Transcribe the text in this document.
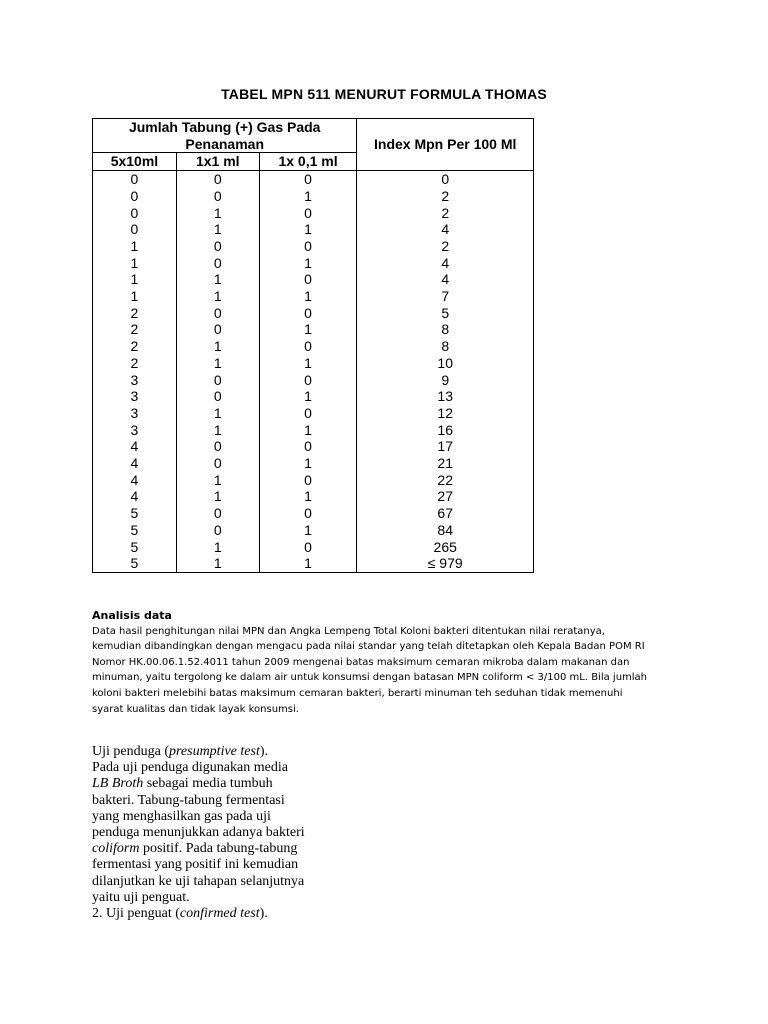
TABEL MPN 511 MENURUT FORMULA THOMAS
Jumlah Tabung (+) Gas Pada Penanaman			Index Mpn Per 100 Ml
5x10ml	1x1 ml	1x 0,1 ml	
0	0	0	0
0	0	1	2
0	1	0	2
0	1	1	4
1	0	0	2
1	0	1	4
1	1	0	4
1	1	1	7
2	0	0	5
2	0	1	8
2	1	0	8
2	1	1	10
3	0	0	9
3	0	1	13
3	1	0	12
3	1	1	16
4	0	0	17
4	0	1	21
4	1	0	22
4	1	1	27
5	0	0	67
5	0	1	84
5	1	0	265
5	1	1	≤ 979
Analisis data
Data hasil penghitungan nilai MPN dan Angka Lempeng Total Koloni bakteri ditentukan nilai reratanya,
kemudian dibandingkan dengan mengacu pada nilai standar yang telah ditetapkan oleh Kepala Badan POM RI
Nomor HK.00.06.1.52.4011 tahun 2009 mengenai batas maksimum cemaran mikroba dalam makanan dan
minuman, yaitu tergolong ke dalam air untuk konsumsi dengan batasan MPN coliform < 3/100 mL. Bila jumlah
koloni bakteri melebihi batas maksimum cemaran bakteri, berarti minuman teh seduhan tidak memenuhi
syarat kualitas dan tidak layak konsumsi.
Uji penduga (presumptive test).
Pada uji penduga digunakan media
LB Broth sebagai media tumbuh
bakteri. Tabung-tabung fermentasi
yang menghasilkan gas pada uji
penduga menunjukkan adanya bakteri
coliform positif. Pada tabung-tabung
fermentasi yang positif ini kemudian
dilanjutkan ke uji tahapan selanjutnya
yaitu uji penguat.
2. Uji penguat (confirmed test).
